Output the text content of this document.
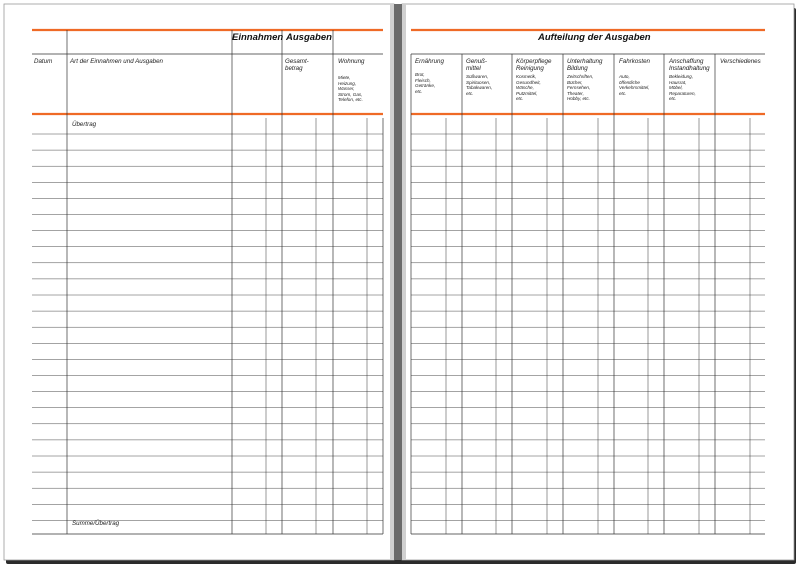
Einnahmen Ausgaben
Datum	Art der Einnahmen und Ausgaben	Gesamt-
betrag
Wohnung
Miete,
Heizung,
Wasser,
Strom, Gas,
Telefon, etc.
Übertrag
Summe/Übertrag
Aufteilung der Ausgaben
Ernährung
Brot,
Fleisch,
Getränke,
etc.
Genuß-
mittel
Süßwaren,
Spirituosen,
Tabakwaren,
etc.
Körperpflege
Reinigung
Kosmetik,
Gesundheit,
Wäsche,
Putzmittel,
etc.
Unterhaltung
Bildung
Zeitschriften,
Bücher,
Fernsehen,
Theater,
Hobby, etc.
Fahrkosten
Auto,
öffentliche
Verkehrsmittel,
etc.
Anschaffung
Instandhaltung
Bekleidung,
Hausrat,
Möbel,
Reparaturen,
etc.
Verschiedenes
